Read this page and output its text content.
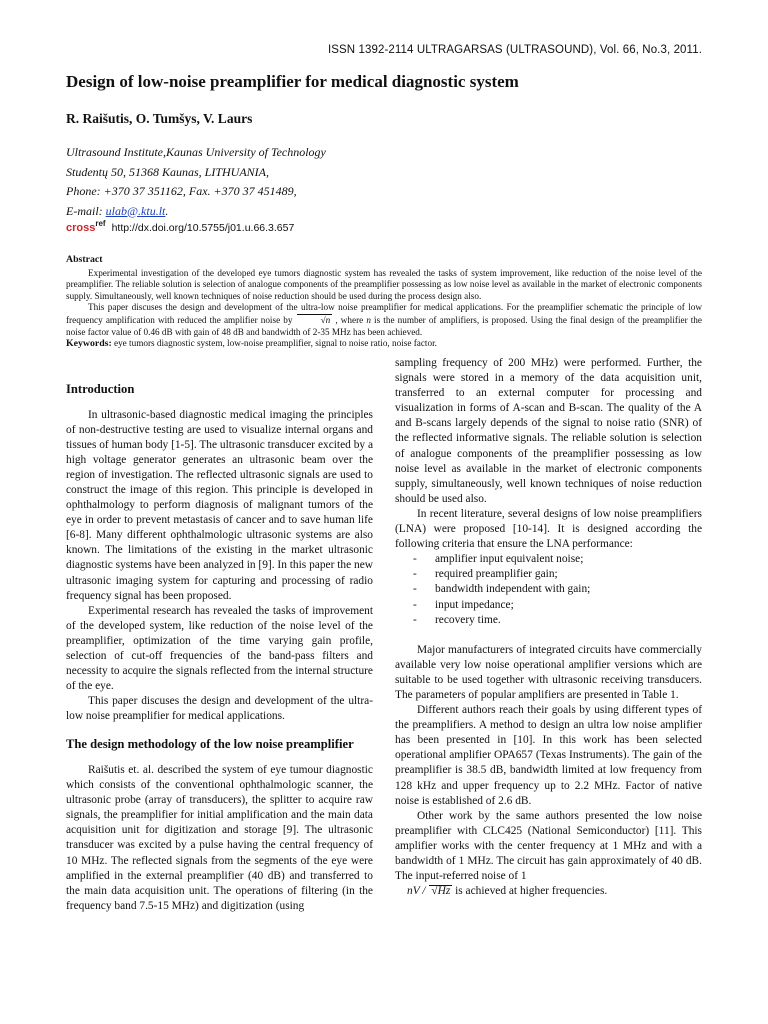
ISSN 1392-2114 ULTRAGARSAS (ULTRASOUND), Vol. 66, No.3, 2011.
Design of low-noise preamplifier for medical diagnostic system
R. Raišutis, O. Tumšys, V. Laurs
Ultrasound Institute,Kaunas University of Technology
Studentų 50, 51368 Kaunas, LITHUANIA,
Phone: +370 37 351162, Fax. +370 37 451489,
E-mail: ulab@.ktu.lt.
cross ref http://dx.doi.org/10.5755/j01.u.66.3.657
Abstract

Experimental investigation of the developed eye tumors diagnostic system has revealed the tasks of system improvement, like reduction of the noise level of the preamplifier. The reliable solution is selection of analogue components of the preamplifier possessing as low noise level as available in the market of electronic components supply. Simultaneously, well known techniques of noise reduction should be used during the process design also.

This paper discuses the design and development of the ultra-low noise preamplifier for medical applications. For the preamplifier schematic the principle of low frequency amplification with reduced the amplifier noise by	√n , where n is the number of amplifiers, is proposed. Using the final design of the preamplifier the noise factor value of 0.46 dB with gain of 48 dB and bandwidth of 2-35 MHz has been achieved.

Keywords: eye tumors diagnostic system, low-noise preamplifier, signal to noise ratio, noise factor.
Introduction

In ultrasonic-based diagnostic medical imaging the principles of non-destructive testing are used to visualize internal organs and tissues of human body [1-5]. The ultrasonic transducer excited by a high voltage generator generates an ultrasonic beam over the region of investigation. The reflected ultrasonic signals are used to construct the image of this region. This principle is developed in ophthalmology to perform diagnosis of malignant tumors of the eye in order to prevent metastasis of cancer and to save human life [6-8]. Many different ophthalmologic ultrasonic systems are also known. The limitations of the existing in the market ultrasonic diagnostic systems have been analyzed in [9]. In this paper the new ultrasonic imaging system for capturing and processing of radio frequency signal has been proposed.

Experimental research has revealed the tasks of improvement of the developed system, like reduction of the noise level of the preamplifier, optimization of the time varying gain profile, selection of cut-off frequencies of the band-pass filters and necessity to acquire the signals reflected from the internal structure of the eye.

This paper discuses the design and development of the ultra-low noise preamplifier for medical applications.

The design methodology of the low noise preamplifier

Raišutis et. al. described the system of eye tumour diagnostic which consists of the conventional ophthalmologic scanner, the ultrasonic probe (array of transducers), the splitter to acquire raw signals, the preamplifier for initial amplification and the main data acquisition unit for digitization and storage [9]. The ultrasonic transducer was excited by a pulse having the central frequency of 10 MHz. The reflected signals from the segments of the eye were amplified in the external preamplifier (40 dB) and transferred to the main data acquisition unit. The operations of filtering (in the frequency band 7.5-15 MHz) and digitization (using

sampling frequency of 200 MHz) were performed. Further, the signals were stored in a memory of the data acquisition unit, transferred to an external computer for processing and visualization in forms of A-scan and B-scan. The quality of the A and B-scans largely depends of the signal to noise ratio (SNR) of the reflected informative signals. The reliable solution is selection of analogue components of the preamplifier possessing as low noise level as available in the market of electronic components supply, simultaneously, well known techniques of noise reduction should be used also.

In recent literature, several designs of low noise preamplifiers (LNA) were proposed [10-14]. It is designed according the following criteria that ensure the LNA performance:

- amplifier input equivalent noise;
- required preamplifier gain;
- bandwidth independent with gain;
- input impedance;
- recovery time.

Major manufacturers of integrated circuits have commercially available very low noise operational amplifier versions which are suitable to be used together with ultrasonic receiving transducers. The parameters of popular amplifiers are presented in Table 1.

Different authors reach their goals by using different types of the preamplifiers. A method to design an ultra low noise amplifier has been presented in [10]. In this work has been selected operational amplifier OPA657 (Texas Instruments). The gain of the preamplifier is 38.5 dB, bandwidth limited at low frequency from 128 kHz and upper frequency up to 2.2 MHz. Factor of native noise is established of 2.6 dB.

Other work by the same authors presented the low noise preamplifier with CLC425 (National Semiconductor) [11]. This amplifier works with the center frequency at 1 MHz and with a bandwidth of 1 MHz. The circuit has gain approximately of 40 dB. The input-referred noise of 1

nV / √Hz is achieved at higher frequencies.
